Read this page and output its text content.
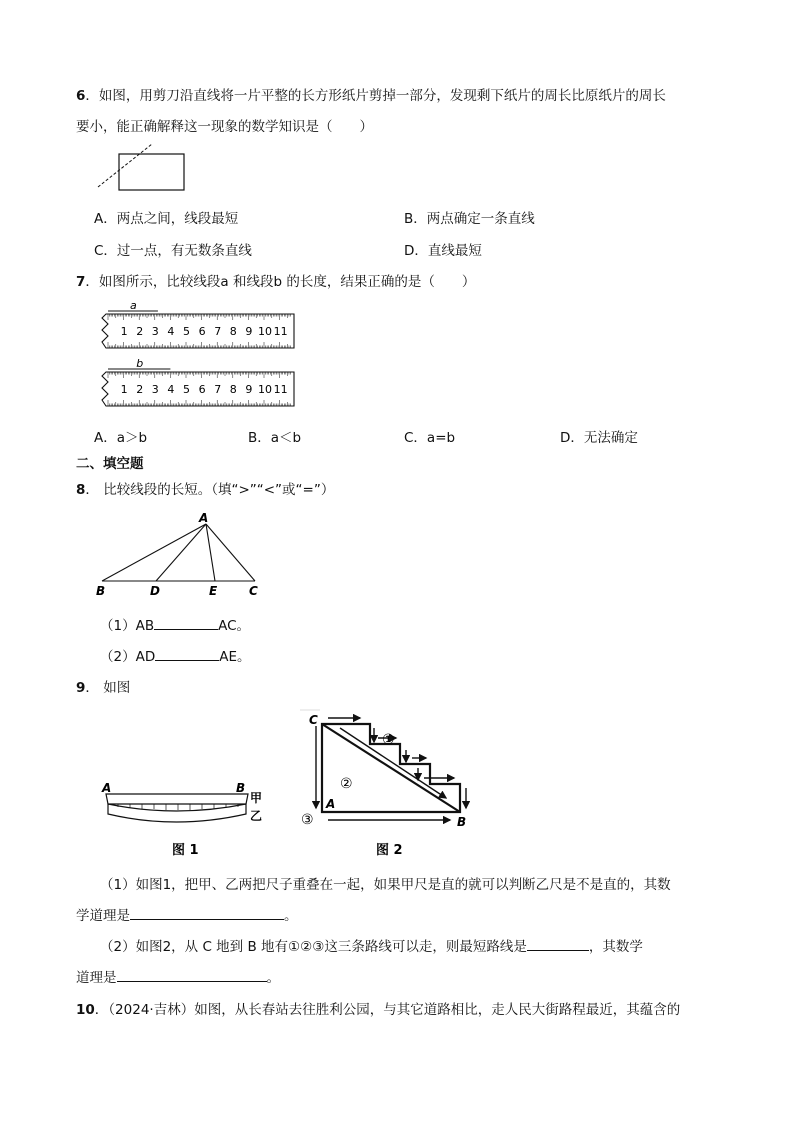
6．如图，用剪刀沿直线将一片平整的长方形纸片剪掉一部分，发现剩下纸片的周长比原纸片的周长
要小，能正确解释这一现象的数学知识是（　　）
A．两点之间，线段最短	B．两点确定一条直线
C．过一点，有无数条直线	D．直线最短
7．如图所示，比较线段a 和线段b 的长度，结果正确的是（　　）
1 2 3 4 5 6 7 8 9 10 11
a
1 2 3 4 5 6 7 8 9 10 11
b
A．a＞b	B．a＜b	C．a=b	D．无法确定
二、填空题
8． 比较线段的长短。（填“>”“<”或“=”）
A
B	D	E	C
（1）AB	AC。
（2）AD	AE。
9． 如图
A	B
甲
乙
图 1
C
A
B
①
②
③
图 2
（1）如图1，把甲、乙两把尺子重叠在一起，如果甲尺是直的就可以判断乙尺是不是直的，其数
学道理是	。
（2）如图2，从 C 地到 B 地有①②③这三条路线可以走，则最短路线是	，其数学
道理是	。
10．（2024·吉林）如图，从长春站去往胜利公园，与其它道路相比，走人民大街路程最近，其蕴含的
